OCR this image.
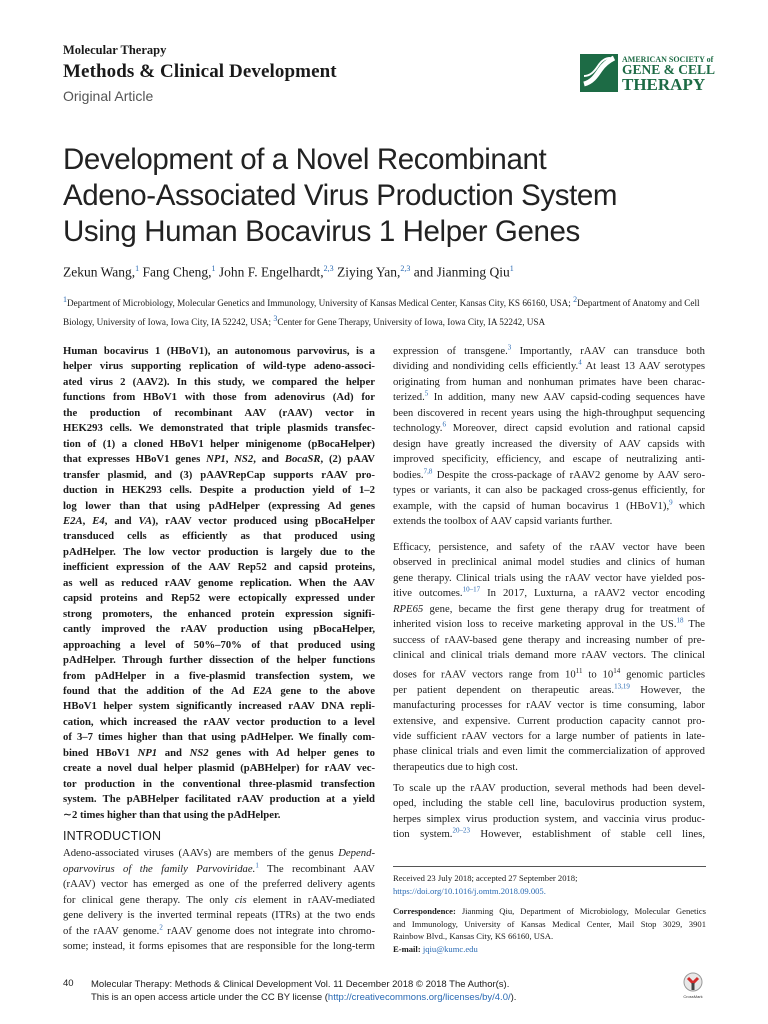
Molecular Therapy
Methods & Clinical Development
Original Article
AMERICAN SOCIETY of
GENE & CELL
THERAPY
Development of a Novel Recombinant
Adeno-Associated Virus Production System
Using Human Bocavirus 1 Helper Genes
Zekun Wang,$^1$ Fang Cheng,$^1$ John F. Engelhardt,$^{2,3}$ Ziying Yan,$^{2,3}$ and Jianming Qiu$^1$
$^1$Department of Microbiology, Molecular Genetics and Immunology, University of Kansas Medical Center, Kansas City, KS 66160, USA; $^2$Department of Anatomy and Cell
Biology, University of Iowa, Iowa City, IA 52242, USA; $^3$Center for Gene Therapy, University of Iowa, Iowa City, IA 52242, USA
Human bocavirus 1 (HBoV1), an autonomous parvovirus, is a
helper virus supporting replication of wild-type adeno-associ-
ated virus 2 (AAV2). In this study, we compared the helper
functions from HBoV1 with those from adenovirus (Ad) for
the production of recombinant AAV (rAAV) vector in
HEK293 cells. We demonstrated that triple plasmids transfec-
tion of (1) a cloned HBoV1 helper minigenome (pBocaHelper)
that expresses HBoV1 genes NP1, NS2, and BocaSR, (2) pAAV
transfer plasmid, and (3) pAAVRepCap supports rAAV pro-
duction in HEK293 cells. Despite a production yield of 1–2
log lower than that using pAdHelper (expressing Ad genes
E2A, E4, and VA), rAAV vector produced using pBocaHelper
transduced cells as efficiently as that produced using
pAdHelper. The low vector production is largely due to the
inefficient expression of the AAV Rep52 and capsid proteins,
as well as reduced rAAV genome replication. When the AAV
capsid proteins and Rep52 were ectopically expressed under
strong promoters, the enhanced protein expression signifi-
cantly improved the rAAV production using pBocaHelper,
approaching a level of 50%–70% of that produced using
pAdHelper. Through further dissection of the helper functions
from pAdHelper in a five-plasmid transfection system, we
found that the addition of the Ad E2A gene to the above
HBoV1 helper system significantly increased rAAV DNA repli-
cation, which increased the rAAV vector production to a level
of 3–7 times higher than that using pAdHelper. We finally com-
bined HBoV1 NP1 and NS2 genes with Ad helper genes to
create a novel dual helper plasmid (pABHelper) for rAAV vec-
tor production in the conventional three-plasmid transfection
system. The pABHelper facilitated rAAV production at a yield
∼2 times higher than that using the pAdHelper.
INTRODUCTION
Adeno-associated viruses (AAVs) are members of the genus Depend-
oparvovirus of the family Parvoviridae.$^1$ The recombinant AAV
(rAAV) vector has emerged as one of the preferred delivery agents
for clinical gene therapy. The only cis element in rAAV-mediated
gene delivery is the inverted terminal repeats (ITRs) at the two ends
of the rAAV genome.$^2$ rAAV genome does not integrate into chromo-
some; instead, it forms episomes that are responsible for the long-term
expression of transgene.$^3$ Importantly, rAAV can transduce both
dividing and nondividing cells efficiently.$^4$ At least 13 AAV serotypes
originating from human and nonhuman primates have been charac-
terized.$^5$ In addition, many new AAV capsid-coding sequences have
been discovered in recent years using the high-throughput sequencing
technology.$^6$ Moreover, direct capsid evolution and rational capsid
design have greatly increased the diversity of AAV capsids with
improved specificity, efficiency, and escape of neutralizing anti-
bodies.$^{7,8}$ Despite the cross-package of rAAV2 genome by AAV sero-
types or variants, it can also be packaged cross-genus efficiently, for
example, with the capsid of human bocavirus 1 (HBoV1),$^9$ which
extends the toolbox of AAV capsid variants further.
Efficacy, persistence, and safety of the rAAV vector have been
observed in preclinical animal model studies and clinics of human
gene therapy. Clinical trials using the rAAV vector have yielded pos-
itive outcomes.$^{10-17}$ In 2017, Luxturna, a rAAV2 vector encoding
RPE65 gene, became the first gene therapy drug for treatment of
inherited vision loss to receive marketing approval in the US.$^{18}$ The
success of rAAV-based gene therapy and increasing number of pre-
clinical and clinical trials demand more rAAV vectors. The clinical
doses for rAAV vectors range from $10^{11}$ to $10^{14}$ genomic particles
per patient dependent on therapeutic areas.$^{13,19}$ However, the
manufacturing processes for rAAV vector is time consuming, labor
extensive, and expensive. Current production capacity cannot pro-
vide sufficient rAAV vectors for a large number of patients in late-
phase clinical trials and even limit the commercialization of approved
therapeutics due to high cost.
To scale up the rAAV production, several methods had been devel-
oped, including the stable cell line, baculovirus production system,
herpes simplex virus production system, and vaccinia virus produc-
tion system.$^{20-23}$ However, establishment of stable cell lines,
Received 23 July 2018; accepted 27 September 2018;
https://doi.org/10.1016/j.omtm.2018.09.005.
Correspondence: Jianming Qiu, Department of Microbiology, Molecular Genetics
and Immunology, University of Kansas Medical Center, Mail Stop 3029, 3901
Rainbow Blvd., Kansas City, KS 66160, USA.
E-mail: jqiu@kumc.edu
40 Molecular Therapy: Methods & Clinical Development Vol. 11 December 2018 © 2018 The Author(s).
This is an open access article under the CC BY license (http://creativecommons.org/licenses/by/4.0/).	CrossMark
